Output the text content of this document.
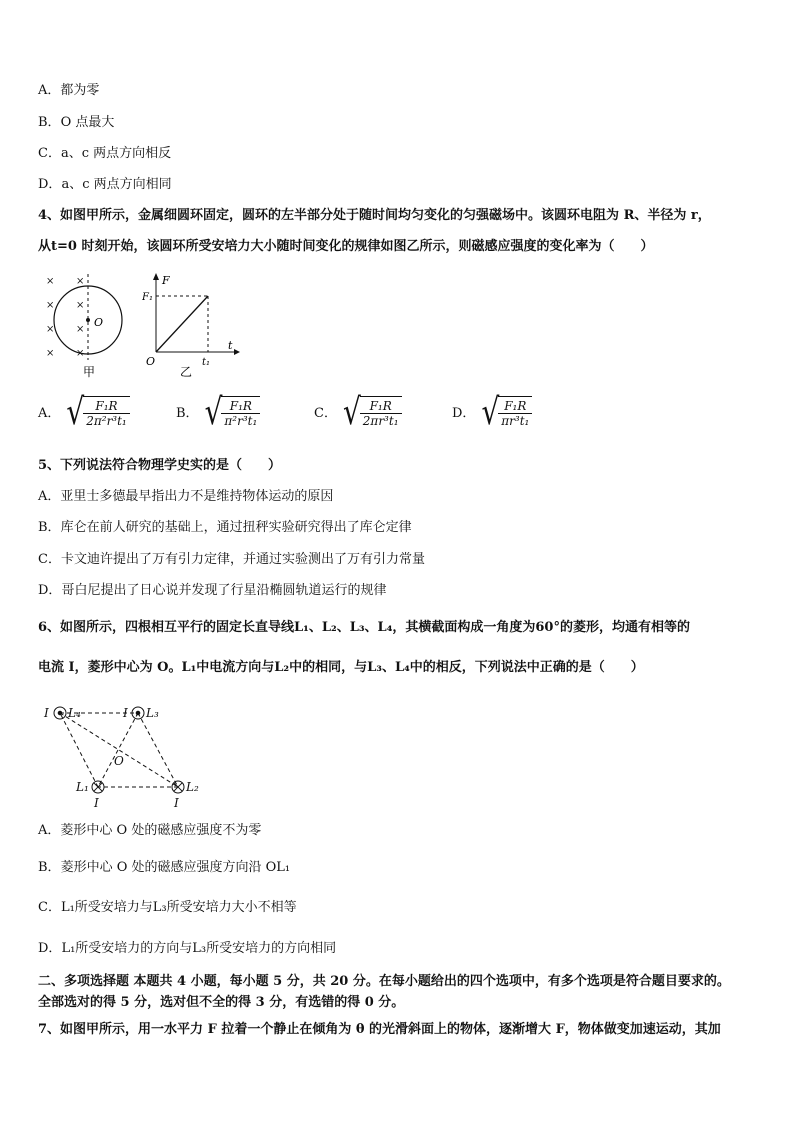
A．都为零
B．O 点最大
C．a、c 两点方向相反
D．a、c 两点方向相同
4、如图甲所示，金属细圆环固定，圆环的左半部分处于随时间均匀变化的匀强磁场中。该圆环电阻为 R、半径为 r，
从t=0 时刻开始，该圆环所受安培力大小随时间变化的规律如图乙所示，则磁感应强度的变化率为（　　）
×
×
×
×
×
×
×
×
O
甲
F
F₁
t
t₁
O
乙
A． √ $\frac{\text{F₁R}}{\text{2π²r³t₁}}$	B． √ $\frac{\text{F₁R}}{\text{π²r³t₁}}$	C． √ $\frac{\text{F₁R}}{\text{2πr³t₁}}$	D． √ $\frac{\text{F₁R}}{\text{πr³t₁}}$
5、下列说法符合物理学史实的是（　　）
A．亚里士多德最早指出力不是维持物体运动的原因
B．库仑在前人研究的基础上，通过扭秤实验研究得出了库仑定律
C．卡文迪许提出了万有引力定律，并通过实验测出了万有引力常量
D．哥白尼提出了日心说并发现了行星沿椭圆轨道运行的规律
6、如图所示，四根相互平行的固定长直导线L₁、L₂、L₃、L₄，其横截面构成一角度为60°的菱形，均通有相等的
电流 I，菱形中心为 O。L₁中电流方向与L₂中的相同，与L₃、L₄中的相反，下列说法中正确的是（　　）
I L₄	I L₃
O
L₁
I
L₂
I
A．菱形中心 O 处的磁感应强度不为零
B．菱形中心 O 处的磁感应强度方向沿 OL₁
C．L₁所受安培力与L₃所受安培力大小不相等
D．L₁所受安培力的方向与L₃所受安培力的方向相同
二、多项选择题 本题共 4 小题，每小题 5 分，共 20 分。在每小题给出的四个选项中，有多个选项是符合题目要求的。
全部选对的得 5 分，选对但不全的得 3 分，有选错的得 0 分。
7、如图甲所示，用一水平力 F 拉着一个静止在倾角为 θ 的光滑斜面上的物体，逐渐增大 F，物体做变加速运动，其加
